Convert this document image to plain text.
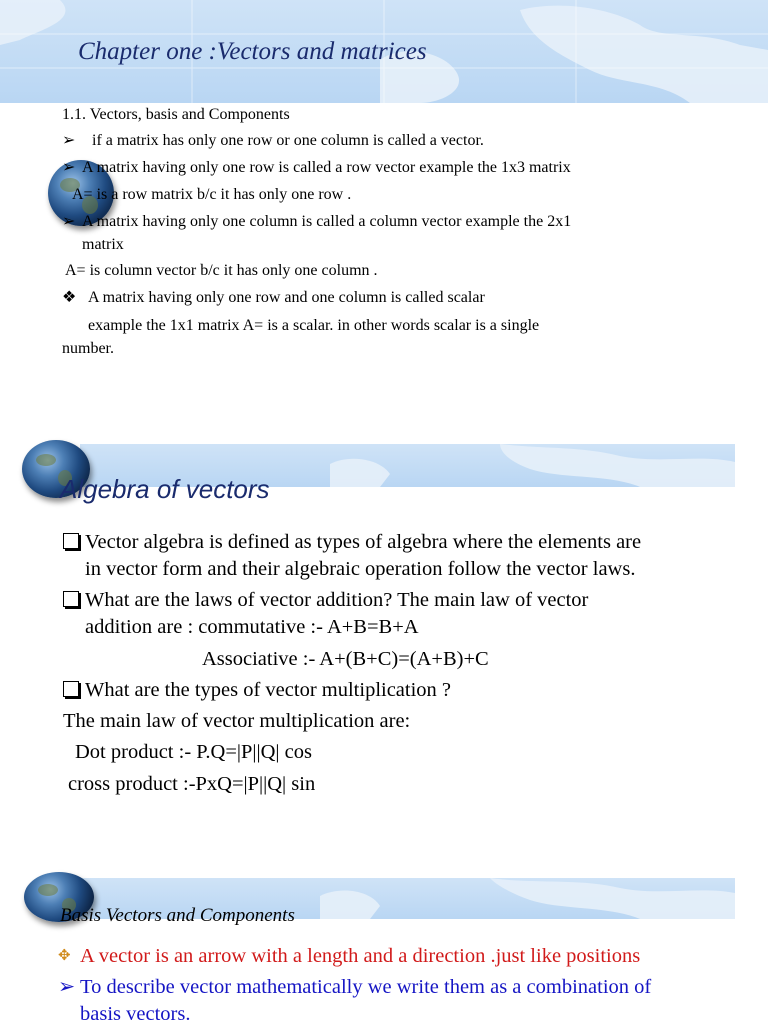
Chapter one :Vectors and matrices
1.1. Vectors, basis and Components
➢ if a matrix has only one row or one column is called a vector.
➢ A matrix having only one row is called a row vector example the 1x3 matrix
A= is a row matrix b/c it has only one row .
➢ A matrix having only one column is called a column vector example the 2x1
matrix
A= is column vector b/c it has only one column .
❖ A matrix having only one row and one column is called scalar
example the 1x1 matrix A= is a scalar. in other words scalar is a single
number.
Algebra of vectors
Vector algebra is defined as types of algebra where the elements are
in vector form and their algebraic operation follow the vector laws.
What are the laws of vector addition? The main law of vector
addition are : commutative :- A+B=B+A
Associative :- A+(B+C)=(A+B)+C
What are the types of vector multiplication ?
The main law of vector multiplication are:
Dot product :- P.Q=|P||Q| cos
cross product :-PxQ=|P||Q| sin
Basis Vectors and Components
✥ A vector is an arrow with a length and a direction .just like positions
➢ To describe vector mathematically we write them as a combination of
basis vectors.
